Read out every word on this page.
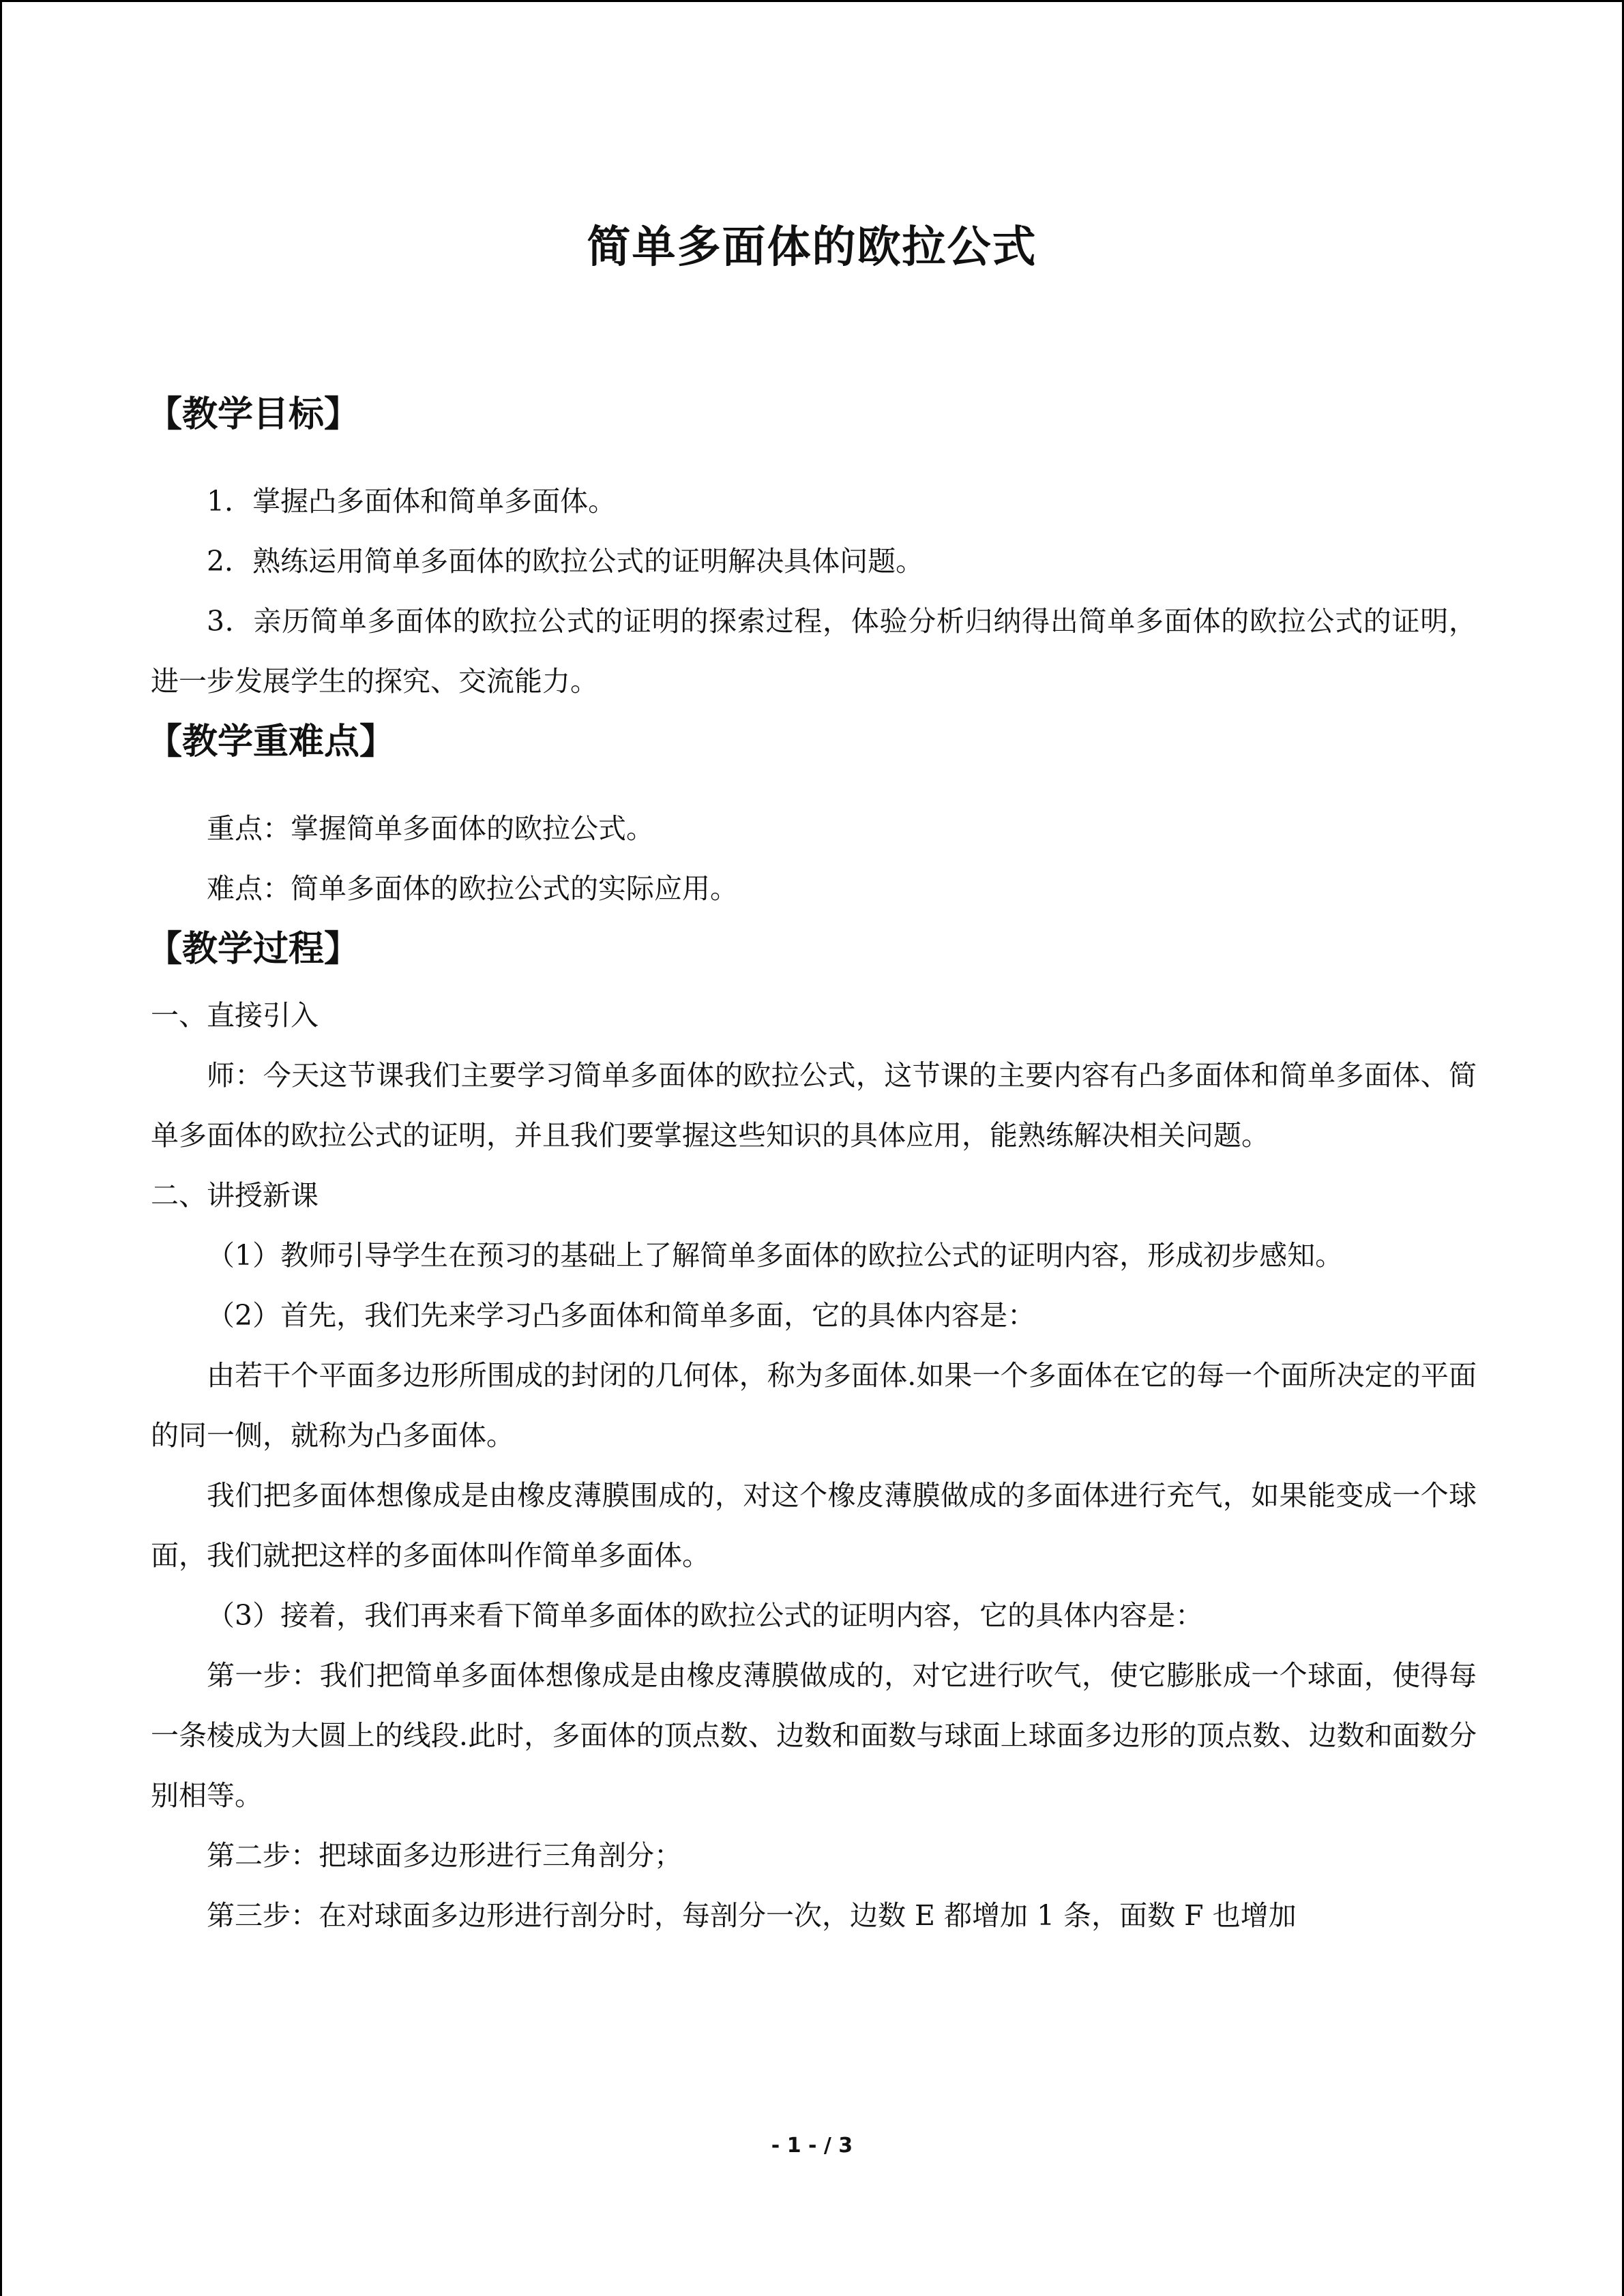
简单多面体的欧拉公式
【教学目标】

1．掌握凸多面体和简单多面体。

2．熟练运用简单多面体的欧拉公式的证明解决具体问题。

3．亲历简单多面体的欧拉公式的证明的探索过程，体验分析归纳得出简单多面体的欧拉公式的证明，进一步发展学生的探究、交流能力。

【教学重难点】

重点：掌握简单多面体的欧拉公式。

难点：简单多面体的欧拉公式的实际应用。

【教学过程】

一、直接引入

师：今天这节课我们主要学习简单多面体的欧拉公式，这节课的主要内容有凸多面体和简单多面体、简单多面体的欧拉公式的证明，并且我们要掌握这些知识的具体应用，能熟练解决相关问题。

二、讲授新课

（1）教师引导学生在预习的基础上了解简单多面体的欧拉公式的证明内容，形成初步感知。

（2）首先，我们先来学习凸多面体和简单多面，它的具体内容是：

由若干个平面多边形所围成的封闭的几何体，称为多面体.如果一个多面体在它的每一个面所决定的平面的同一侧，就称为凸多面体。

我们把多面体想像成是由橡皮薄膜围成的，对这个橡皮薄膜做成的多面体进行充气，如果能变成一个球面，我们就把这样的多面体叫作简单多面体。

（3）接着，我们再来看下简单多面体的欧拉公式的证明内容，它的具体内容是：

第一步：我们把简单多面体想像成是由橡皮薄膜做成的，对它进行吹气，使它膨胀成一个球面，使得每一条棱成为大圆上的线段.此时，多面体的顶点数、边数和面数与球面上球面多边形的顶点数、边数和面数分别相等。

第二步：把球面多边形进行三角剖分；

第三步：在对球面多边形进行剖分时，每剖分一次，边数 E 都增加 1 条，面数 F 也增加

- 1 - / 3
